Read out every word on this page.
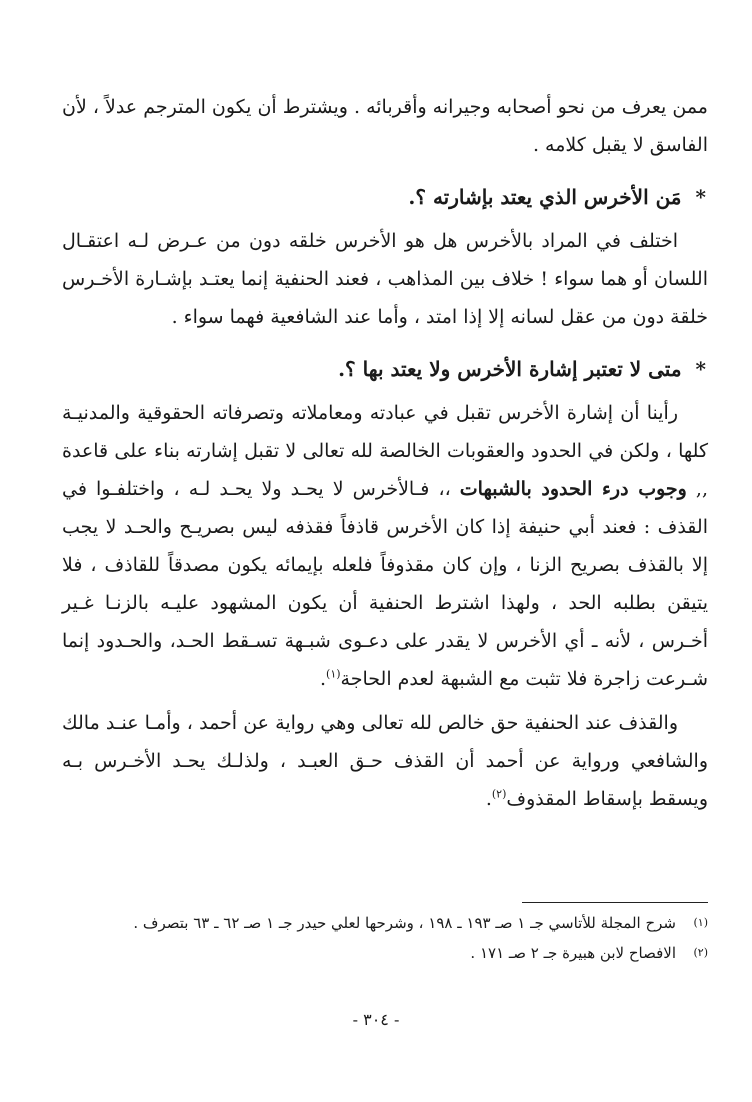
ممن يعرف من نحو أصحابه وجيرانه وأقربائه . ويشترط أن يكون المترجم عدلاً ، لأن الفاسق لا يقبل كلامه .

*مَن الأخرس الذي يعتد بإشارته ؟.

اختلف في المراد بالأخرس هل هو الأخرس خلقه دون من عـرض لـه اعتقـال اللسان أو هما سواء ! خلاف بين المذاهب ، فعند الحنفية إنما يعتـد بإشـارة الأخـرس خلقة دون من عقل لسانه إلا إذا امتد ، وأما عند الشافعية فهما سواء .

*متى لا تعتبر إشارة الأخرس ولا يعتد بها ؟.

رأينا أن إشارة الأخرس تقبل في عبادته ومعاملاته وتصرفاته الحقوقية والمدنيـة كلها ، ولكن في الحدود والعقوبات الخالصة لله تعالى لا تقبل إشارته بناء على قاعدة ,, وجوب درء الحدود بالشبهات ،، فـالأخرس لا يحـد ولا يحـد لـه ، واختلفـوا في القذف : فعند أبي حنيفة إذا كان الأخرس قاذفاً فقذفه ليس بصريـح والحـد لا يجب إلا بالقذف بصريح الزنا ، وإن كان مقذوفاً فلعله بإيمائه يكون مصدقاً للقاذف ، فلا يتيقن بطلبه الحد ، ولهذا اشترط الحنفية أن يكون المشهود عليـه بالزنـا غـير أخـرس ، لأنه ـ أي الأخرس لا يقدر على دعـوى شبـهة تسـقط الحـد، والحـدود إنما شـرعت زاجرة فلا تثبت مع الشبهة لعدم الحاجة$^{(١)}$.

والقذف عند الحنفية حق خالص لله تعالى وهي رواية عن أحمد ، وأمـا عنـد مالك والشافعي ورواية عن أحمد أن القذف حـق العبـد ، ولذلـك يحـد الأخـرس بـه ويسقط بإسقاط المقذوف$^{(٢)}$.

(١)
شرح المجلة للأتاسي جـ ١ صـ ١٩٣ ـ ١٩٨ ، وشرحها لعلي حيدر جـ ١ صـ ٦٢ ـ ٦٣ بتصرف .
(٢)
الافصاح لابن هبيرة جـ ٢ صـ ١٧١ .
- ٣٠٤ -
